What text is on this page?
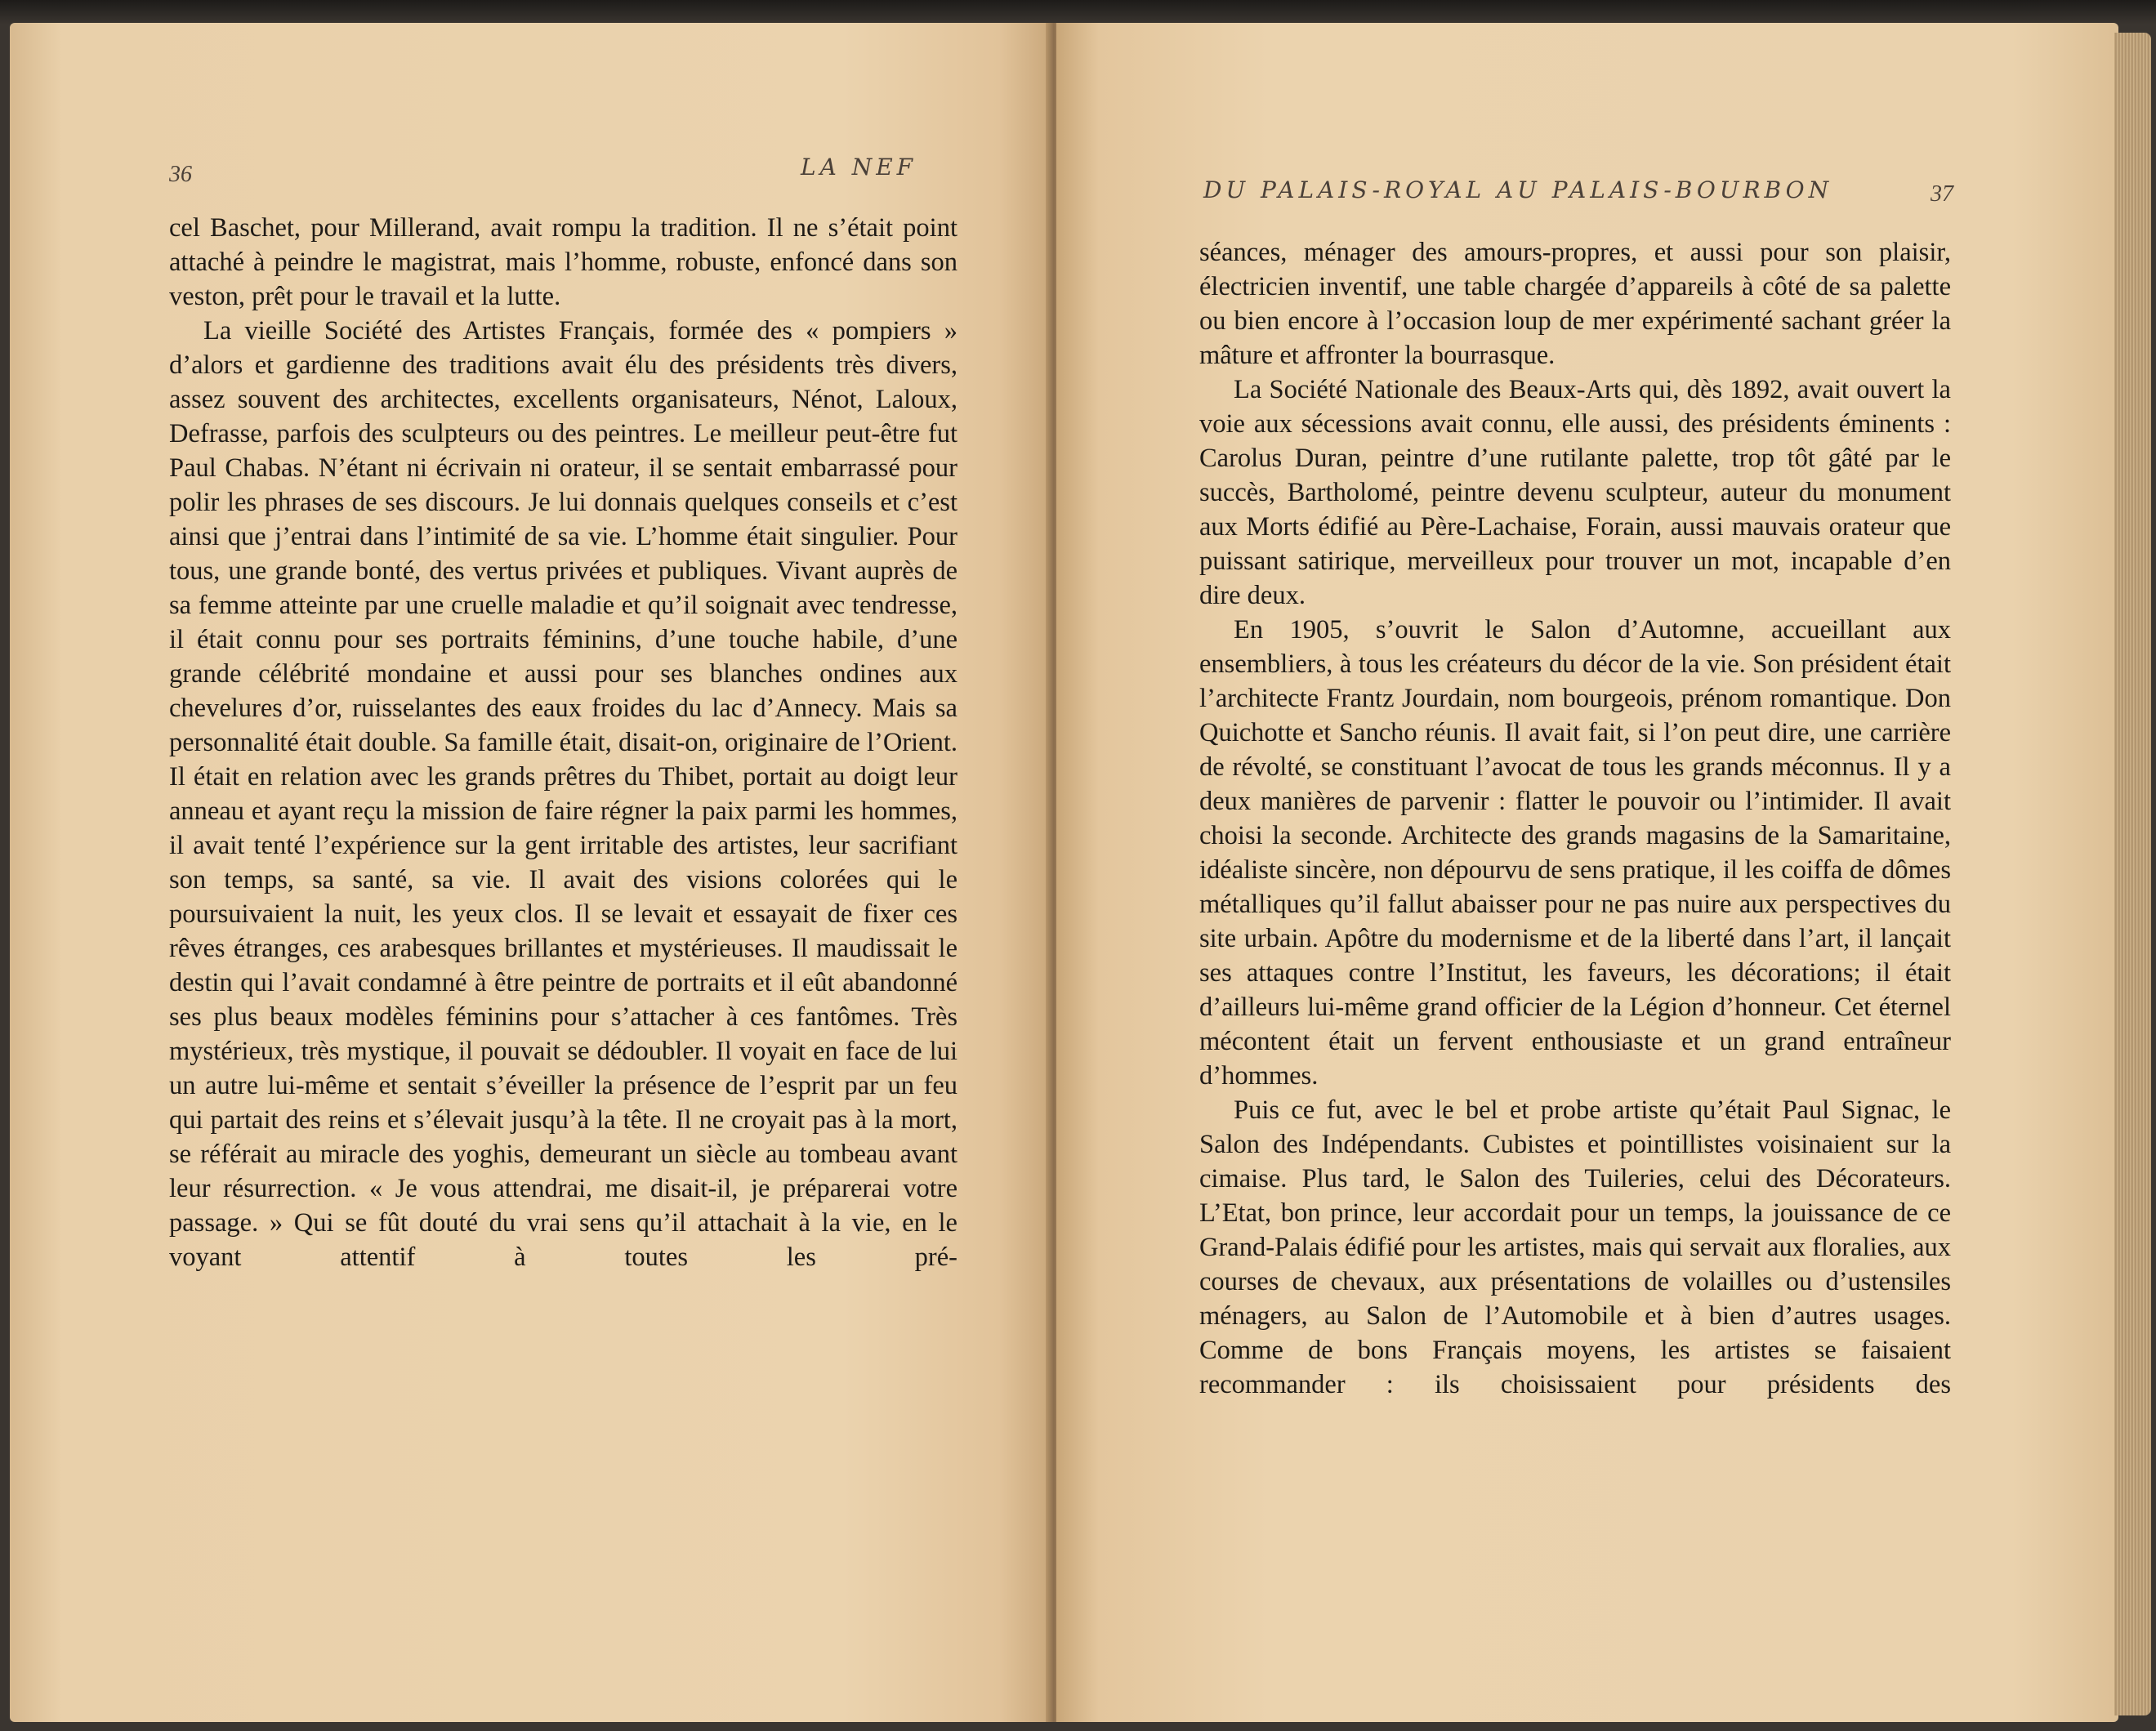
36	LA NEF

cel Baschet, pour Millerand, avait rompu la tradition. Il ne s’était point attaché à peindre le magistrat, mais l’homme, robuste, enfoncé dans son veston, prêt pour le travail et la lutte.

La vieille Société des Artistes Français, formée des « pompiers » d’alors et gardienne des traditions avait élu des présidents très divers, assez souvent des architectes, excellents organisateurs, Nénot, Laloux, Defrasse, parfois des sculpteurs ou des peintres. Le meilleur peut-être fut Paul Chabas. N’étant ni écrivain ni orateur, il se sentait embarrassé pour polir les phrases de ses discours. Je lui donnais quelques conseils et c’est ainsi que j’entrai dans l’intimité de sa vie. L’homme était singulier. Pour tous, une grande bonté, des vertus privées et publiques. Vivant auprès de sa femme atteinte par une cruelle maladie et qu’il soignait avec tendresse, il était connu pour ses portraits féminins, d’une touche habile, d’une grande célébrité mondaine et aussi pour ses blanches ondines aux chevelures d’or, ruisselantes des eaux froides du lac d’Annecy. Mais sa personnalité était double. Sa famille était, disait-on, originaire de l’Orient. Il était en relation avec les grands prêtres du Thibet, portait au doigt leur anneau et ayant reçu la mission de faire régner la paix parmi les hommes, il avait tenté l’expérience sur la gent irritable des artistes, leur sacrifiant son temps, sa santé, sa vie. Il avait des visions colorées qui le poursuivaient la nuit, les yeux clos. Il se levait et essayait de fixer ces rêves étranges, ces arabesques brillantes et mystérieuses. Il maudissait le destin qui l’avait condamné à être peintre de portraits et il eût abandonné ses plus beaux modèles féminins pour s’attacher à ces fantômes. Très mystérieux, très mystique, il pouvait se dédoubler. Il voyait en face de lui un autre lui-même et sentait s’éveiller la présence de l’esprit par un feu qui partait des reins et s’élevait jusqu’à la tête. Il ne croyait pas à la mort, se référait au miracle des yoghis, demeurant un siècle au tombeau avant leur résurrection. « Je vous attendrai, me disait-il, je préparerai votre passage. » Qui se fût douté du vrai sens qu’il attachait à la vie, en le voyant attentif à toutes les pré-

DU PALAIS-ROYAL AU PALAIS-BOURBON	37

séances, ménager des amours-propres, et aussi pour son plaisir, électricien inventif, une table chargée d’appareils à côté de sa palette ou bien encore à l’occasion loup de mer expérimenté sachant gréer la mâture et affronter la bourrasque.

La Société Nationale des Beaux-Arts qui, dès 1892, avait ouvert la voie aux sécessions avait connu, elle aussi, des présidents éminents : Carolus Duran, peintre d’une rutilante palette, trop tôt gâté par le succès, Bartholomé, peintre devenu sculpteur, auteur du monument aux Morts édifié au Père-Lachaise, Forain, aussi mauvais orateur que puissant satirique, merveilleux pour trouver un mot, incapable d’en dire deux.

En 1905, s’ouvrit le Salon d’Automne, accueillant aux ensembliers, à tous les créateurs du décor de la vie. Son président était l’architecte Frantz Jourdain, nom bourgeois, prénom romantique. Don Quichotte et Sancho réunis. Il avait fait, si l’on peut dire, une carrière de révolté, se constituant l’avocat de tous les grands méconnus. Il y a deux manières de parvenir : flatter le pouvoir ou l’intimider. Il avait choisi la seconde. Architecte des grands magasins de la Samaritaine, idéaliste sincère, non dépourvu de sens pratique, il les coiffa de dômes métalliques qu’il fallut abaisser pour ne pas nuire aux perspectives du site urbain. Apôtre du modernisme et de la liberté dans l’art, il lançait ses attaques contre l’Institut, les faveurs, les décorations; il était d’ailleurs lui-même grand officier de la Légion d’honneur. Cet éternel mécontent était un fervent enthousiaste et un grand entraîneur d’hommes.

Puis ce fut, avec le bel et probe artiste qu’était Paul Signac, le Salon des Indépendants. Cubistes et pointillistes voisinaient sur la cimaise. Plus tard, le Salon des Tuileries, celui des Décorateurs. L’Etat, bon prince, leur accordait pour un temps, la jouissance de ce Grand-Palais édifié pour les artistes, mais qui servait aux floralies, aux courses de chevaux, aux présentations de volailles ou d’ustensiles ménagers, au Salon de l’Automobile et à bien d’autres usages. Comme de bons Français moyens, les artistes se faisaient recommander : ils choisissaient pour présidents des
